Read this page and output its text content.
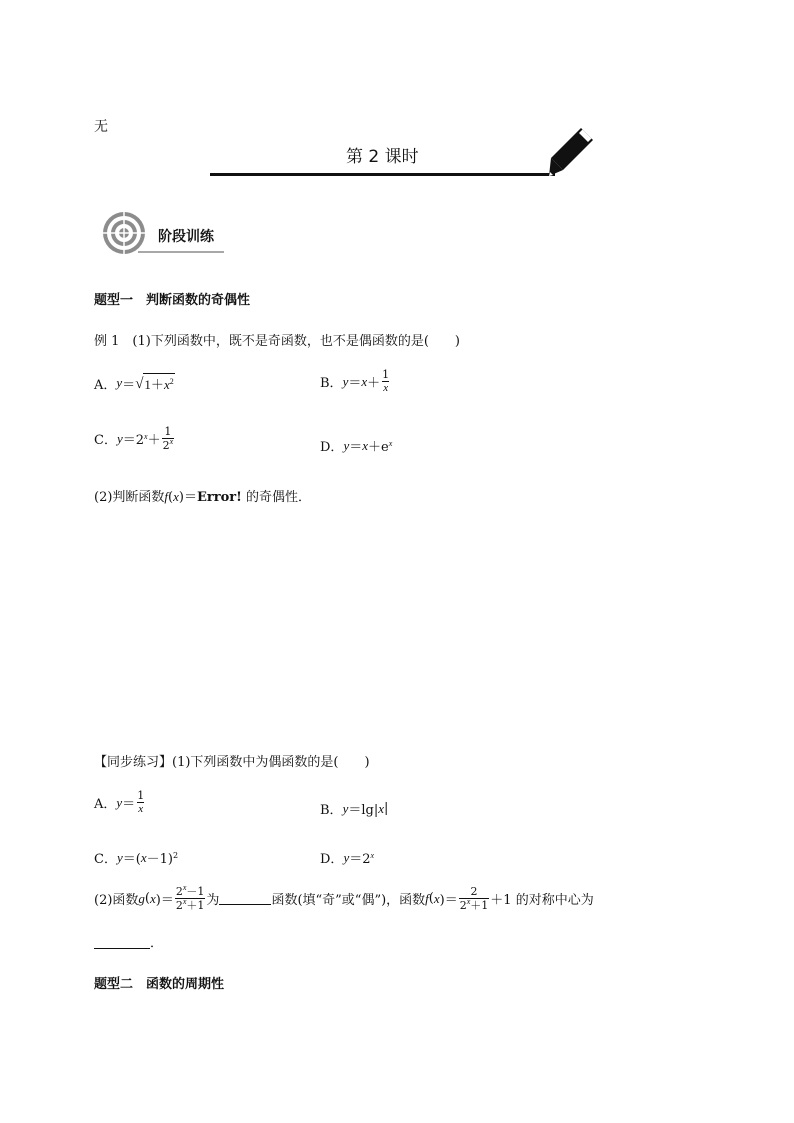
无
第 2 课时
阶段训练
题型一　判断函数的奇偶性
例 1　(1)下列函数中，既不是奇函数，也不是偶函数的是(　　)
A． y ＝ √ $1+x^2$	B． $y = x + \frac{1}{x}$
C． $y =2^x+ \frac{1}{2^x}$	D． $y = x +e^x$
(2)判断函数f(x)＝Error! 的奇偶性．
【同步练习】(1)下列函数中为偶函数的是(　　)
A． $y = \frac{1}{x}$	B． y ＝lg| x |
C． y ＝( x －1)$^2$	D． $y =2^x$
(2)函数 g ( x )＝ $\frac{2^x-1}{2^x+1}$ 为	函数(填“奇”或“偶”)，函数 f ( x )＝ $\frac{2}{2^x+1} +1$ 的对称中心为
．
题型二　函数的周期性
